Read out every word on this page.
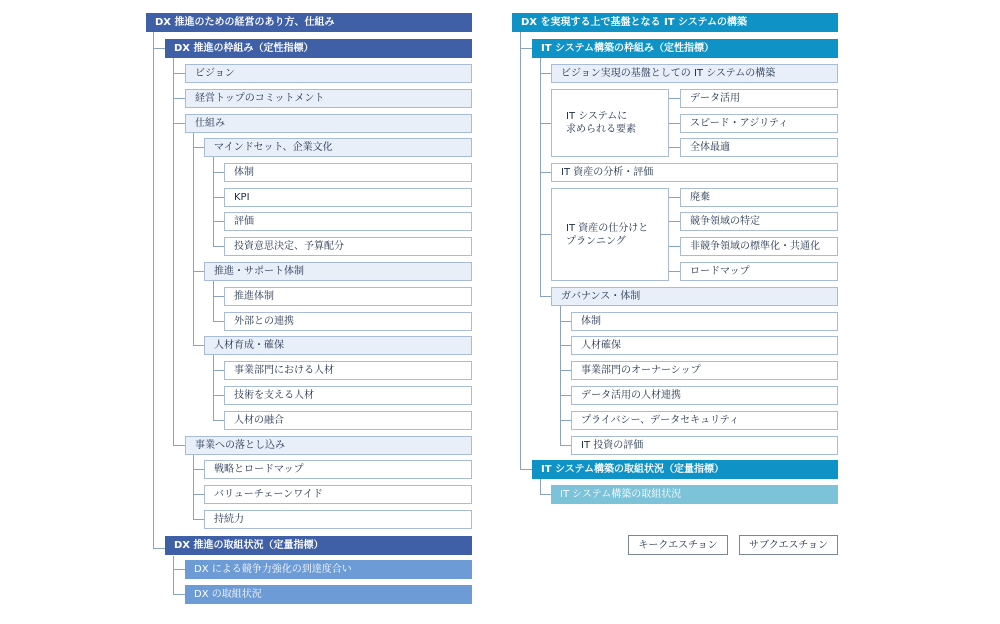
DX 推進のための経営のあり方、仕組み
DX 推進の枠組み（定性指標）
ビジョン
経営トップのコミットメント
仕組み
マインドセット、企業文化
体制
KPI
評価
投資意思決定、予算配分
推進・サポート体制
推進体制
外部との連携
人材育成・確保
事業部門における人材
技術を支える人材
人材の融合
事業への落とし込み
戦略とロードマップ
バリューチェーンワイド
持続力
DX 推進の取組状況（定量指標）
DX による競争力強化の到達度合い
DX の取組状況
DX を実現する上で基盤となる IT システムの構築
IT システム構築の枠組み（定性指標）
ビジョン実現の基盤としての IT システムの構築
IT システムに
求められる要素
データ活用
スピード・アジリティ
全体最適
IT 資産の分析・評価
IT 資産の仕分けと
プランニング
廃棄
競争領域の特定
非競争領域の標準化・共通化
ロードマップ
ガバナンス・体制
体制
人材確保
事業部門のオーナーシップ
データ活用の人材連携
プライバシー、データセキュリティ
IT 投資の評価
IT システム構築の取組状況（定量指標）
IT システム構築の取組状況
キークエスチョン	サブクエスチョン
